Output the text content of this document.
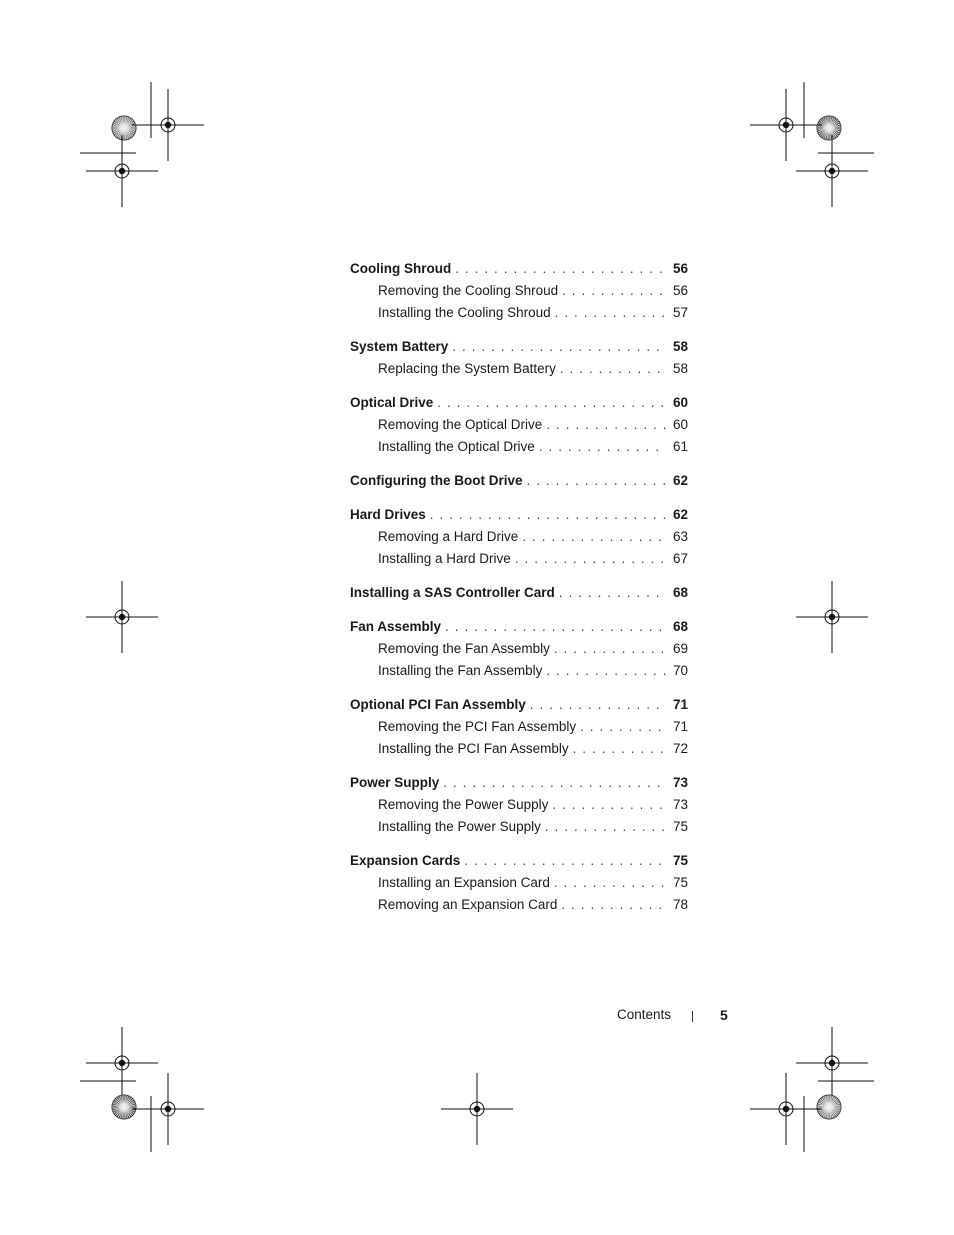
Cooling Shroud . . .	56
Removing the Cooling Shroud . . .	56
Installing the Cooling Shroud . . .	57
System Battery . . .	58
Replacing the System Battery . . .	58
Optical Drive . . .	60
Removing the Optical Drive . . .	60
Installing the Optical Drive . . .	61
Configuring the Boot Drive . . .	62
Hard Drives . . .	62
Removing a Hard Drive . . .	63
Installing a Hard Drive . . .	67
Installing a SAS Controller Card . . .	68
Fan Assembly . . .	68
Removing the Fan Assembly . . .	69
Installing the Fan Assembly . . .	70
Optional PCI Fan Assembly . . .	71
Removing the PCI Fan Assembly . . .	71
Installing the PCI Fan Assembly . . .	72
Power Supply . . .	73
Removing the Power Supply . . .	73
Installing the Power Supply . . .	75
Expansion Cards . . .	75
Installing an Expansion Card . . .	75
Removing an Expansion Card . . .	78
Contents	5
